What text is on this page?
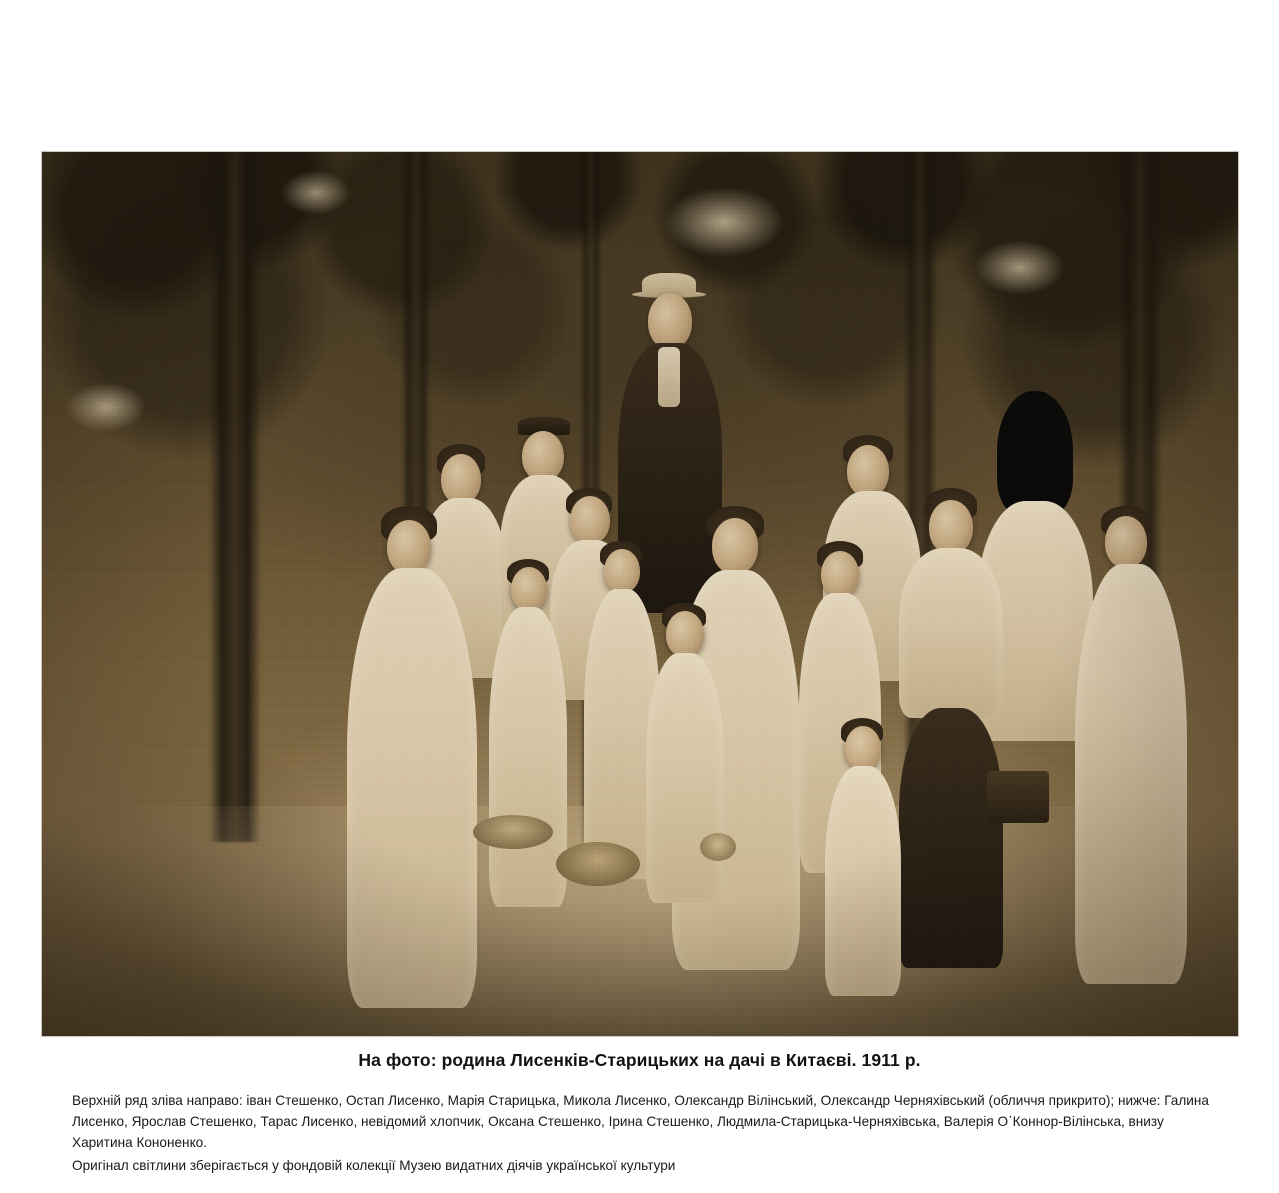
На фото: родина Лисенків-Старицьких на дачі в Китаєві. 1911 р.

Верхній ряд зліва направо: іван Стешенко, Остап Лисенко, Марія Старицька, Микола Лисенко, Олександр Вілінський, Олександр Черняхівський (обличчя прикрито); нижче: Галина Лисенко, Ярослав Стешенко, Тарас Лисенко, невідомий хлопчик, Оксана Стешенко, Ірина Стешенко, Людмила-Старицька-Черняхівська, Валерія О᾽Коннор-Вілінська, внизу Харитина Кононенко.

Оригінал світлини зберігається у фондовій колекції Музею видатних діячів української культури
